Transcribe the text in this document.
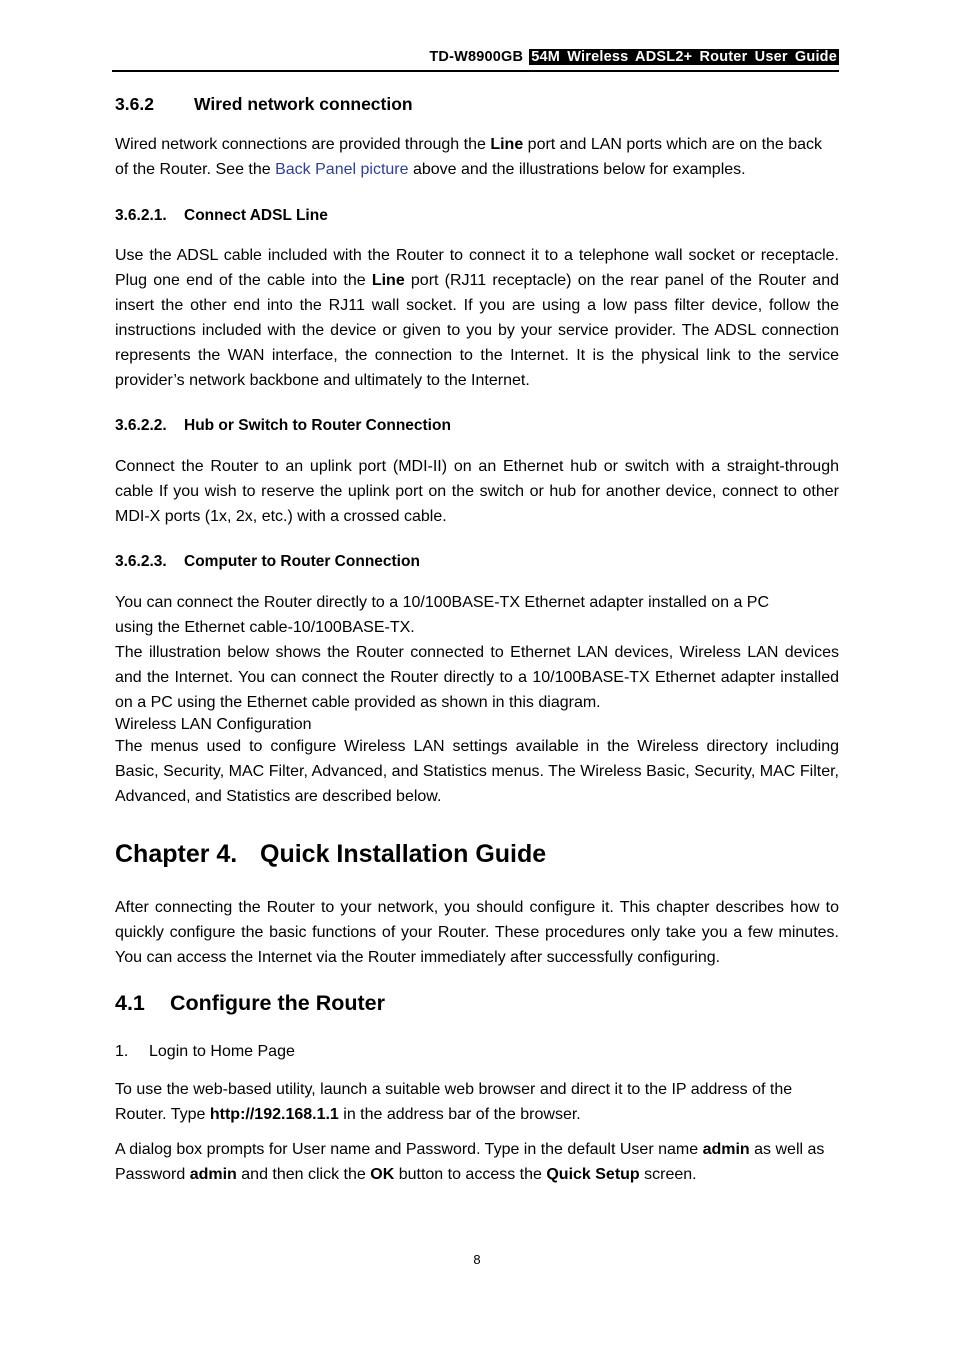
TD-W8900GB 54M Wireless ADSL2+ Router User Guide
3.6.2 Wired network connection
Wired network connections are provided through the Line port and LAN ports which are on the back of the Router. See the Back Panel picture above and the illustrations below for examples.
3.6.2.1. Connect ADSL Line
Use the ADSL cable included with the Router to connect it to a telephone wall socket or receptacle. Plug one end of the cable into the Line port (RJ11 receptacle) on the rear panel of the Router and insert the other end into the RJ11 wall socket. If you are using a low pass filter device, follow the instructions included with the device or given to you by your service provider. The ADSL connection represents the WAN interface, the connection to the Internet. It is the physical link to the service provider’s network backbone and ultimately to the Internet.
3.6.2.2. Hub or Switch to Router Connection
Connect the Router to an uplink port (MDI-II) on an Ethernet hub or switch with a straight-through cable If you wish to reserve the uplink port on the switch or hub for another device, connect to other MDI-X ports (1x, 2x, etc.) with a crossed cable.
3.6.2.3. Computer to Router Connection
You can connect the Router directly to a 10/100BASE-TX Ethernet adapter installed on a PC
using the Ethernet cable-10/100BASE-TX.
The illustration below shows the Router connected to Ethernet LAN devices, Wireless LAN devices and the Internet. You can connect the Router directly to a 10/100BASE-TX Ethernet adapter installed on a PC using the Ethernet cable provided as shown in this diagram.
Wireless LAN Configuration
The menus used to configure Wireless LAN settings available in the Wireless directory including Basic, Security, MAC Filter, Advanced, and Statistics menus. The Wireless Basic, Security, MAC Filter, Advanced, and Statistics are described below.
Chapter 4. Quick Installation Guide
After connecting the Router to your network, you should configure it. This chapter describes how to quickly configure the basic functions of your Router. These procedures only take you a few minutes. You can access the Internet via the Router immediately after successfully configuring.
4.1 Configure the Router
1. Login to Home Page
To use the web-based utility, launch a suitable web browser and direct it to the IP address of the Router. Type http://192.168.1.1 in the address bar of the browser.
A dialog box prompts for User name and Password. Type in the default User name admin as well as Password admin and then click the OK button to access the Quick Setup screen.
8
